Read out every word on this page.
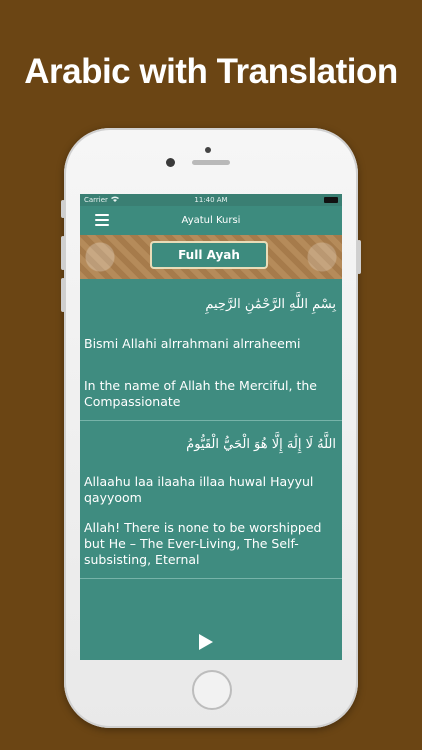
Arabic with Translation
Carrier	11:40 AM
Ayatul Kursi
Full Ayah
بِسْمِ اللَّهِ الرَّحْمَٰنِ الرَّحِيمِ
Bismi Allahi alrrahmani alrraheemi
In the name of Allah the Merciful, the Compassionate
اللَّهُ لَا إِلَٰهَ إِلَّا هُوَ الْحَيُّ الْقَيُّومُ
Allaahu laa ilaaha illaa huwal Hayyul qayyoom
Allah! There is none to be worshipped but He – The Ever-Living, The Self-subsisting, Eternal
